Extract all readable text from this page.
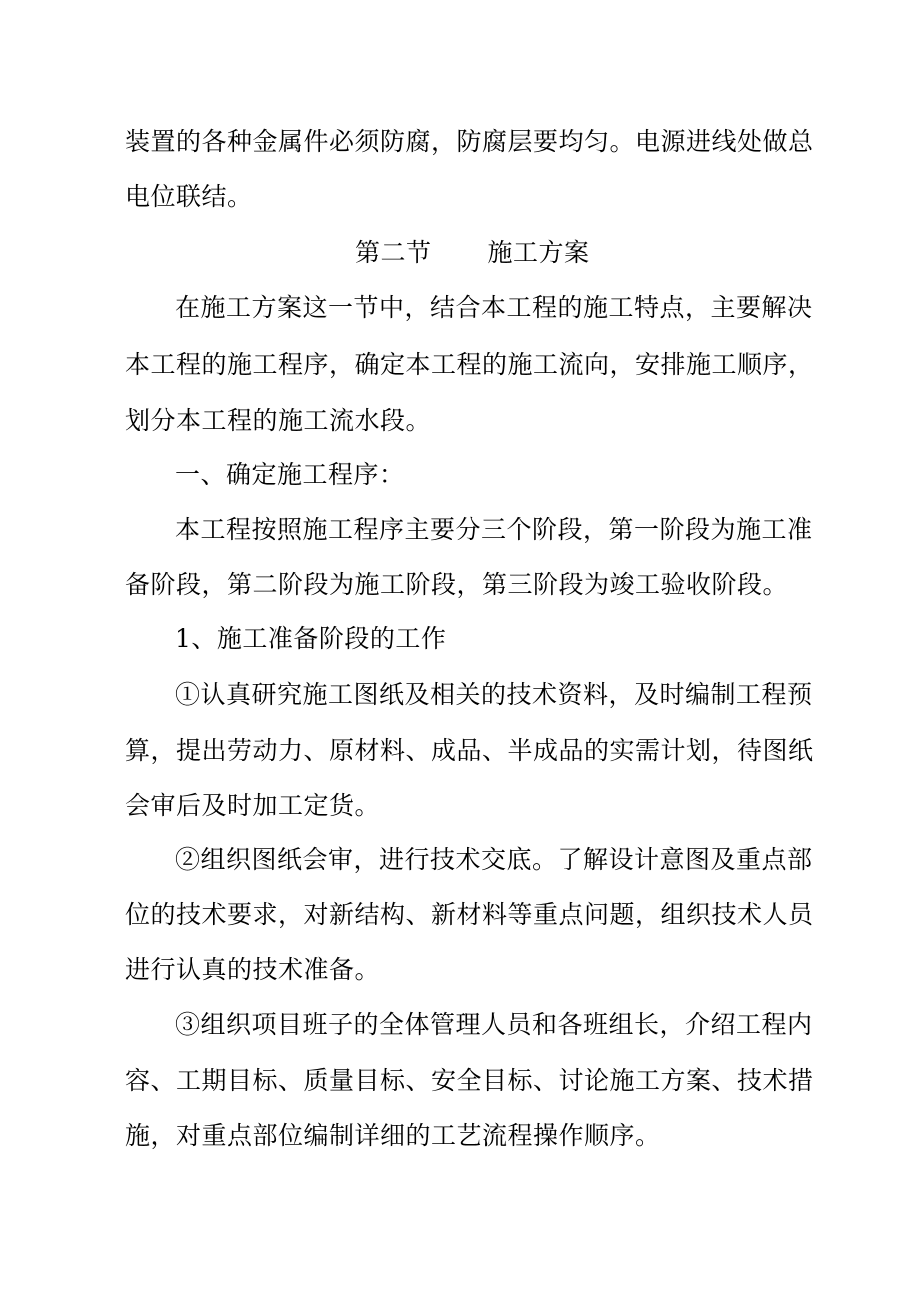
装置的各种金属件必须防腐，防腐层要均匀。电源进线处做总
电位联结。
第二节 施工方案
在施工方案这一节中，结合本工程的施工特点，主要解决
本工程的施工程序，确定本工程的施工流向，安排施工顺序，
划分本工程的施工流水段。
一、确定施工程序：
本工程按照施工程序主要分三个阶段，第一阶段为施工准
备阶段，第二阶段为施工阶段，第三阶段为竣工验收阶段。
1、施工准备阶段的工作
①认真研究施工图纸及相关的技术资料，及时编制工程预
算，提出劳动力、原材料、成品、半成品的实需计划，待图纸
会审后及时加工定货。
②组织图纸会审，进行技术交底。了解设计意图及重点部
位的技术要求，对新结构、新材料等重点问题，组织技术人员
进行认真的技术准备。
③组织项目班子的全体管理人员和各班组长，介绍工程内
容、工期目标、质量目标、安全目标、讨论施工方案、技术措
施，对重点部位编制详细的工艺流程操作顺序。
